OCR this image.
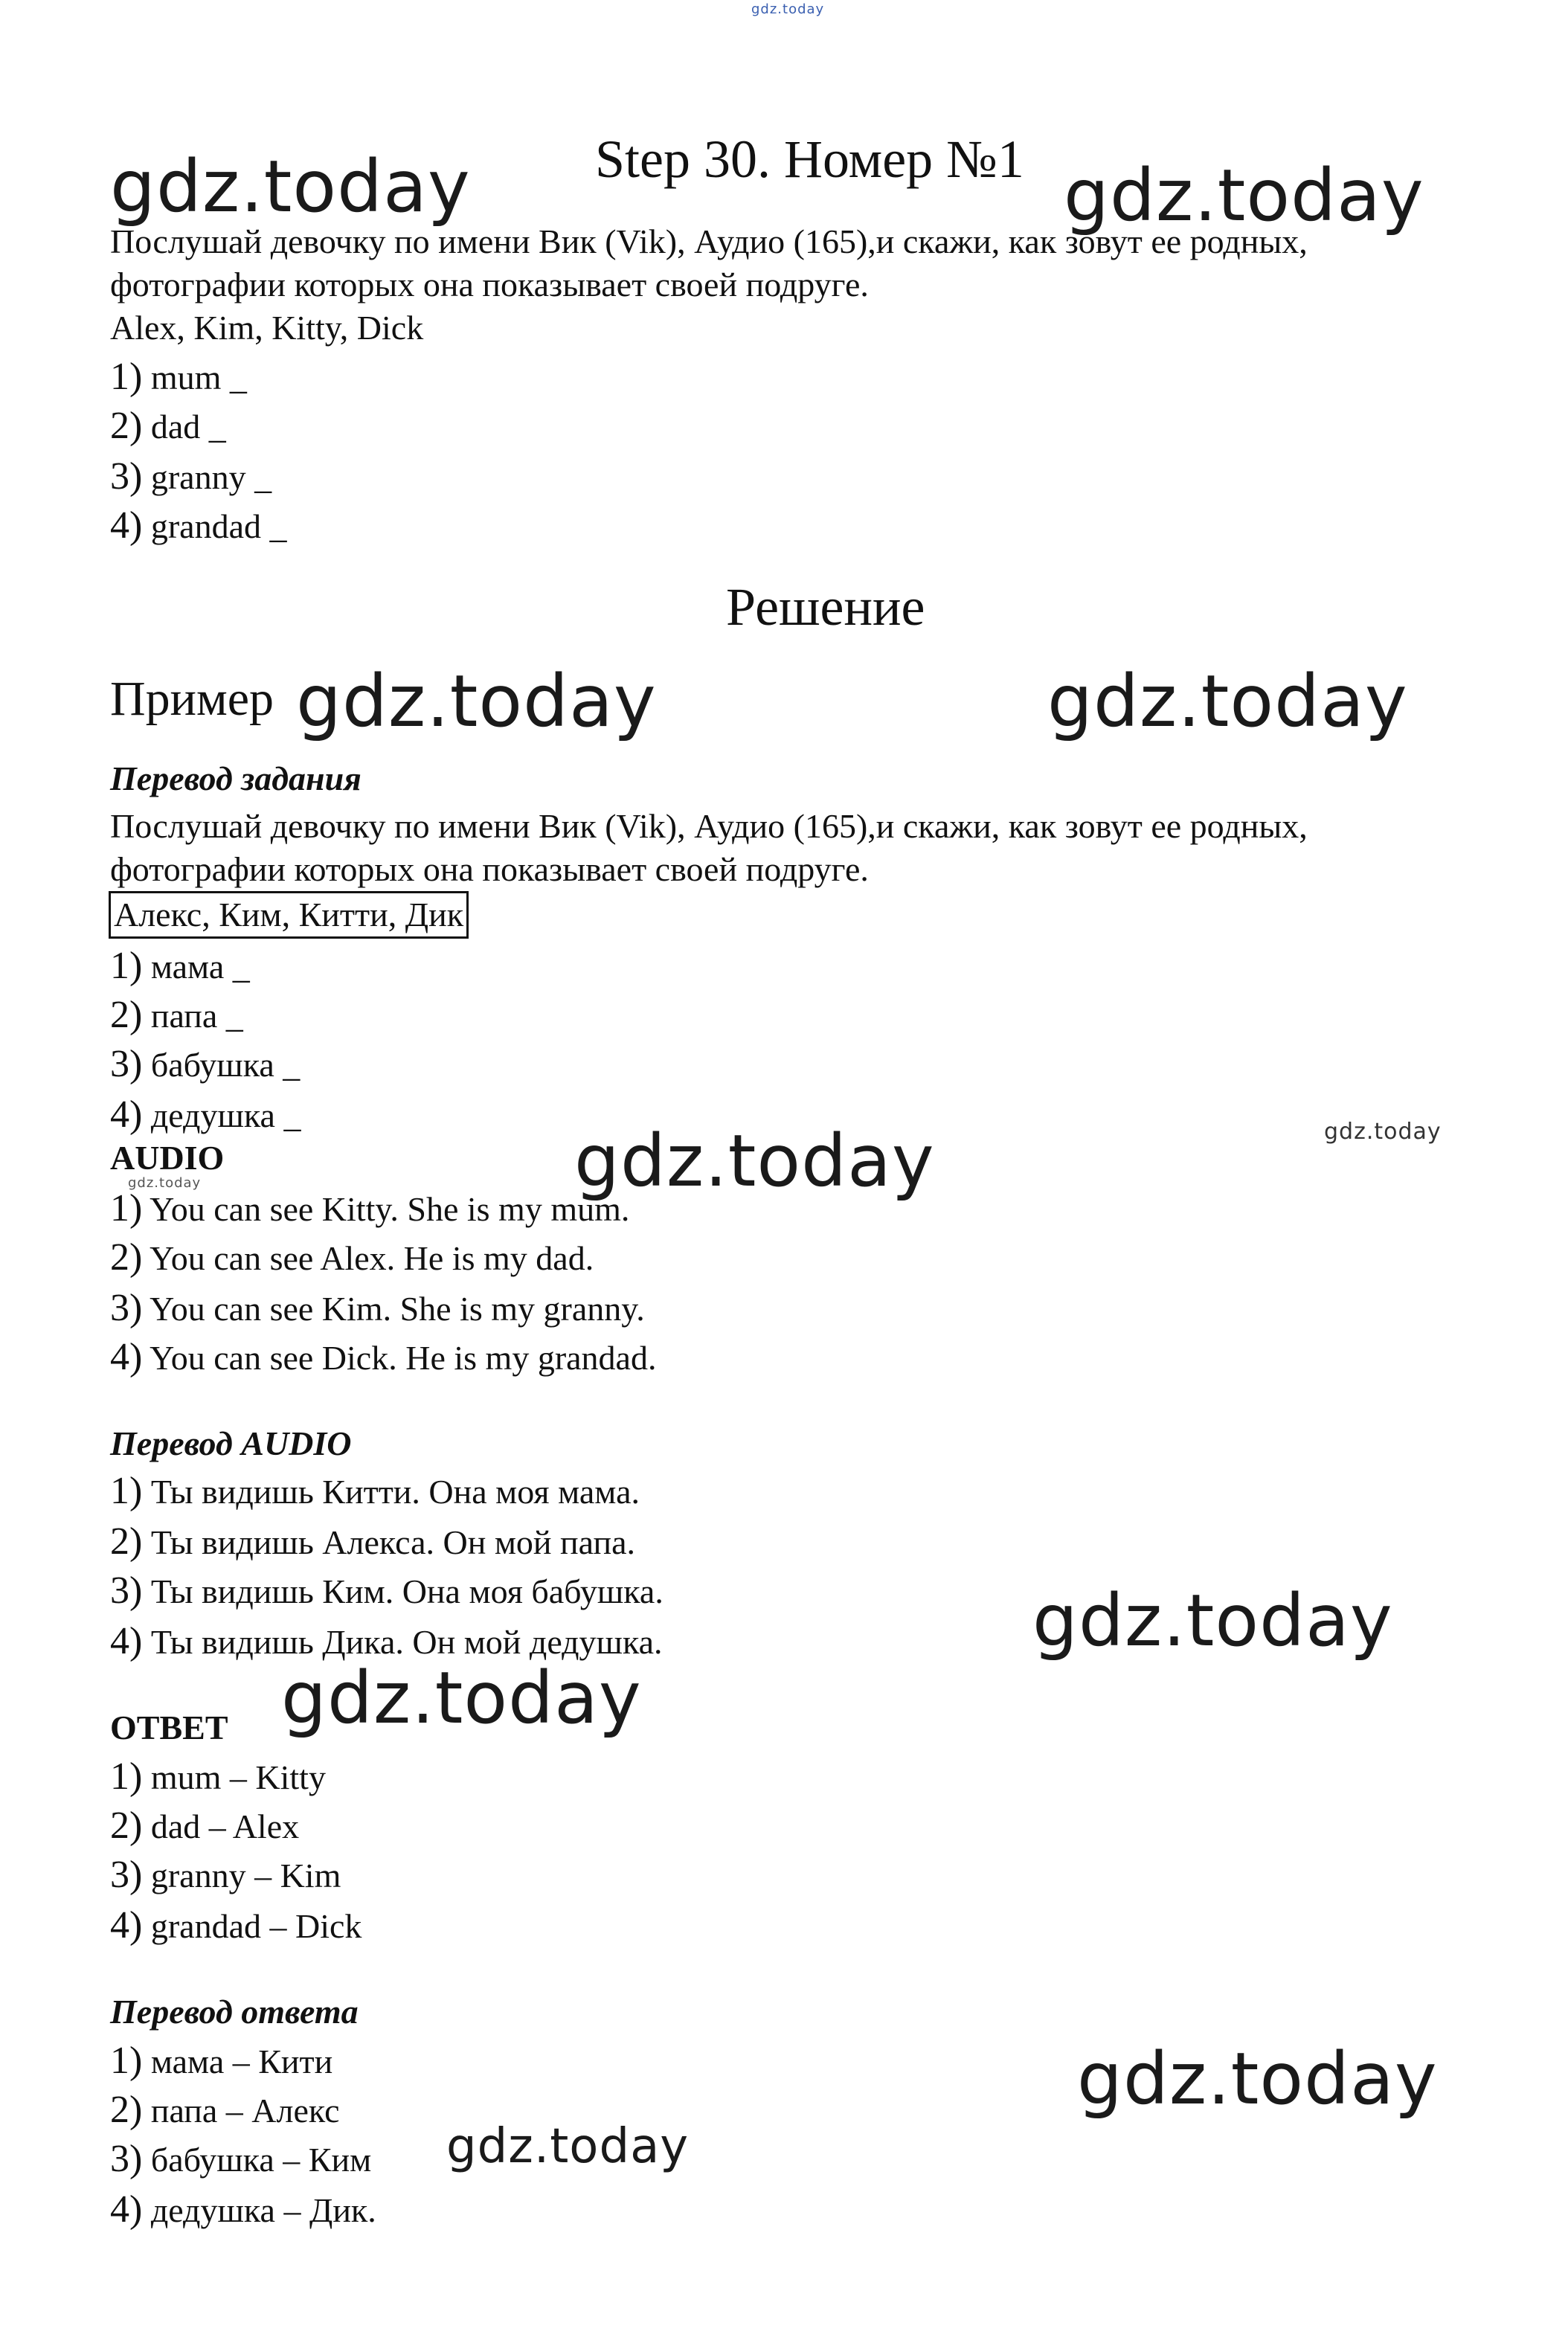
gdz.today
Step 30. Номер №1
gdz.today	gdz.today
Послушай девочку по имени Вик (Vik), Аудио (165),и скажи, как зовут ее родных,
фотографии которых она показывает своей подруге.
Alex, Kim, Kitty, Dick
1) mum _
2) dad _
3) granny _
4) grandad _
Решение
Пример gdz.today	gdz.today
Перевод задания
Послушай девочку по имени Вик (Vik), Аудио (165),и скажи, как зовут ее родных,
фотографии которых она показывает своей подруге.
Алекс, Ким, Китти, Дик
1) мама _
2) папа _
3) бабушка _
4) дедушка _
AUDIO
gdz.today	gdz.today	gdz.today
1) You can see Kitty. She is my mum.
2) You can see Alex. He is my dad.
3) You can see Kim. She is my granny.
4) You can see Dick. He is my grandad.
Перевод AUDIO
1) Ты видишь Китти. Она моя мама.
2) Ты видишь Алекса. Он мой папа.
3) Ты видишь Ким. Она моя бабушка.
4) Ты видишь Дика. Он мой дедушка.	gdz.today
ОТВЕТ gdz.today
1) mum – Kitty
2) dad – Alex
3) granny – Kim
4) grandad – Dick
Перевод ответа
1) мама – Кити
2) папа – Алекс
3) бабушка – Ким
4) дедушка – Дик.
gdz.today
gdz.today
